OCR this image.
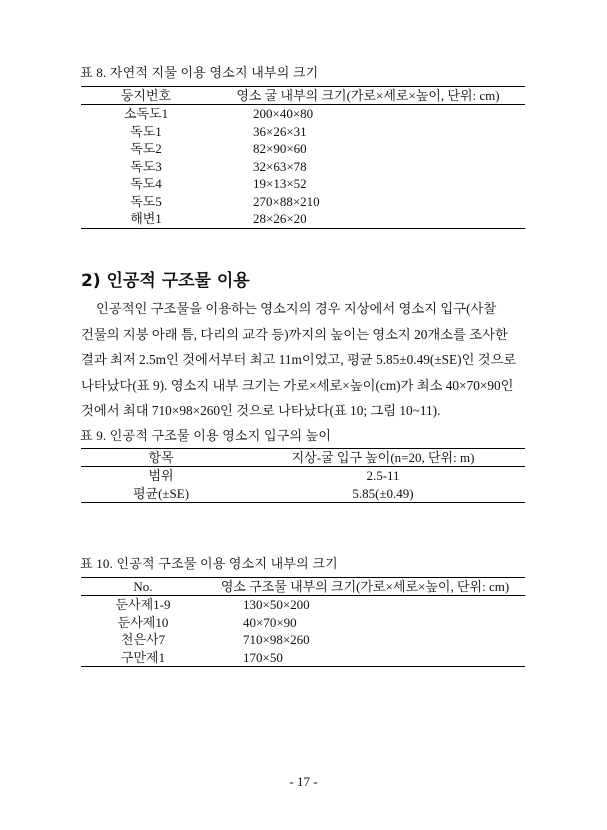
표 8. 자연적 지물 이용 영소지 내부의 크기
둥지번호	영소 굴 내부의 크기(가로×세로×높이, 단위: cm)
소독도1	200×40×80
독도1	36×26×31
독도2	82×90×60
독도3	32×63×78
독도4	19×13×52
독도5	270×88×210
해변1	28×26×20
2) 인공적 구조물 이용
인공적인 구조물을 이용하는 영소지의 경우 지상에서 영소지 입구(사찰
건물의 지붕 아래 틈, 다리의 교각 등)까지의 높이는 영소지 20개소를 조사한
결과 최저 2.5m인 것에서부터 최고 11m이었고, 평균 5.85±0.49(±SE)인 것으로
나타났다(표 9). 영소지 내부 크기는 가로×세로×높이(cm)가 최소 40×70×90인
것에서 최대 710×98×260인 것으로 나타났다(표 10; 그림 10~11).
표 9. 인공적 구조물 이용 영소지 입구의 높이
항목	지상-굴 입구 높이(n=20, 단위: m)
범위	2.5-11
평균(±SE)	5.85(±0.49)
표 10. 인공적 구조물 이용 영소지 내부의 크기
No.	영소 구조물 내부의 크기(가로×세로×높이, 단위: cm)
둔사제1-9	130×50×200
둔사제10	40×70×90
천은사7	710×98×260
구만제1	170×50
- 17 -
